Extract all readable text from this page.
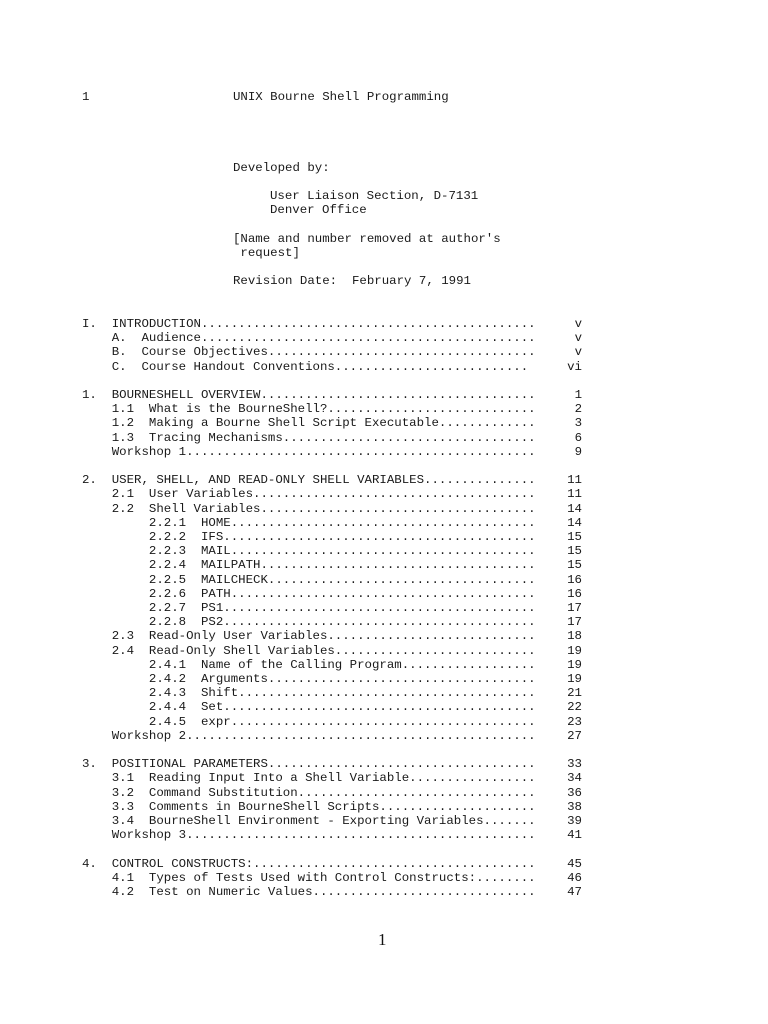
1	UNIX Bourne Shell Programming
Developed by:
User Liaison Section, D-7131
Denver Office
[Name and number removed at author's
request]
Revision Date:  February 7, 1991
I.  INTRODUCTION.............................................	v
A.  Audience.............................................	v
B.  Course Objectives....................................	v
C.  Course Handout Conventions..........................	vi
1.  BOURNESHELL OVERVIEW.....................................	1
1.1  What is the BourneShell?............................	2
1.2  Making a Bourne Shell Script Executable.............	3
1.3  Tracing Mechanisms..................................	6
Workshop 1...............................................	9
2.  USER, SHELL, AND READ-ONLY SHELL VARIABLES...............	11
2.1  User Variables......................................	11
2.2  Shell Variables.....................................	14
2.2.1  HOME.........................................	14
2.2.2  IFS..........................................	15
2.2.3  MAIL.........................................	15
2.2.4  MAILPATH.....................................	15
2.2.5  MAILCHECK....................................	16
2.2.6  PATH.........................................	16
2.2.7  PS1..........................................	17
2.2.8  PS2..........................................	17
2.3  Read-Only User Variables............................	18
2.4  Read-Only Shell Variables...........................	19
2.4.1  Name of the Calling Program..................	19
2.4.2  Arguments....................................	19
2.4.3  Shift........................................	21
2.4.4  Set..........................................	22
2.4.5  expr.........................................	23
Workshop 2...............................................	27
3.  POSITIONAL PARAMETERS....................................	33
3.1  Reading Input Into a Shell Variable.................	34
3.2  Command Substitution................................	36
3.3  Comments in BourneShell Scripts.....................	38
3.4  BourneShell Environment - Exporting Variables.......	39
Workshop 3...............................................	41
4.  CONTROL CONSTRUCTS:......................................	45
4.1  Types of Tests Used with Control Constructs:........	46
4.2  Test on Numeric Values..............................	47
1
